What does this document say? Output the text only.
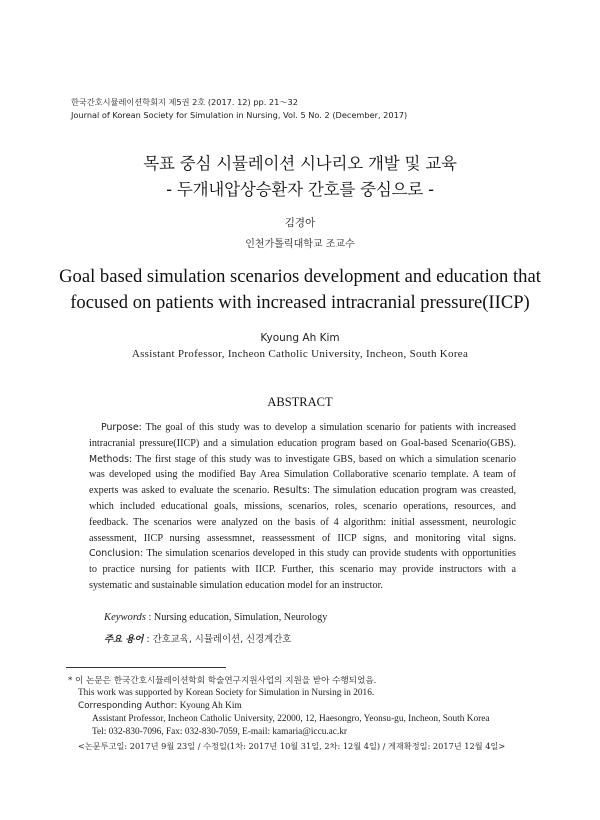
한국간호시뮬레이션학회지 제5권 2호 (2017. 12) pp. 21～32
Journal of Korean Society for Simulation in Nursing, Vol. 5 No. 2 (December, 2017)
목표 중심 시뮬레이션 시나리오 개발 및 교육
- 두개내압상승환자 간호를 중심으로 -
김경아
인천가톨릭대학교 조교수
Goal based simulation scenarios development and education that
focused on patients with increased intracranial pressure(IICP)
Kyoung Ah Kim
Assistant Professor, Incheon Catholic University, Incheon, South Korea
ABSTRACT
Purpose: The goal of this study was to develop a simulation scenario for patients with increased intracranial pressure(IICP) and a simulation education program based on Goal-based Scenario(GBS). Methods: The first stage of this study was to investigate GBS, based on which a simulation scenario was developed using the modified Bay Area Simulation Collaborative scenario template. A team of experts was asked to evaluate the scenario. Results: The simulation education program was creasted, which included educational goals, missions, scenarios, roles, scenario operations, resources, and feedback. The scenarios were analyzed on the basis of 4 algorithm: initial assessment, neurologic assessment, IICP nursing assessmnet, reassessment of IICP signs, and monitoring vital signs. Conclusion: The simulation scenarios developed in this study can provide students with opportunities to practice nursing for patients with IICP. Further, this scenario may provide instructors with a systematic and sustainable simulation education model for an instructor.
Keywords : Nursing education, Simulation, Neurology
주요 용어 : 간호교육, 시뮬레이션, 신경계간호
* 이 논문은 한국간호시뮬레이션학회 학술연구지원사업의 지원을 받아 수행되었음.
This work was supported by Korean Society for Simulation in Nursing in 2016.
Corresponding Author: Kyoung Ah Kim
Assistant Professor, Incheon Catholic University, 22000, 12, Haesongro, Yeonsu-gu, Incheon, South Korea
Tel: 032-830-7096, Fax: 032-830-7059, E-mail: kamaria@iccu.ac.kr
<논문투고일: 2017년 9월 23일 / 수정일(1차: 2017년 10월 31일, 2차: 12월 4일) / 게재확정일: 2017년 12월 4일>
